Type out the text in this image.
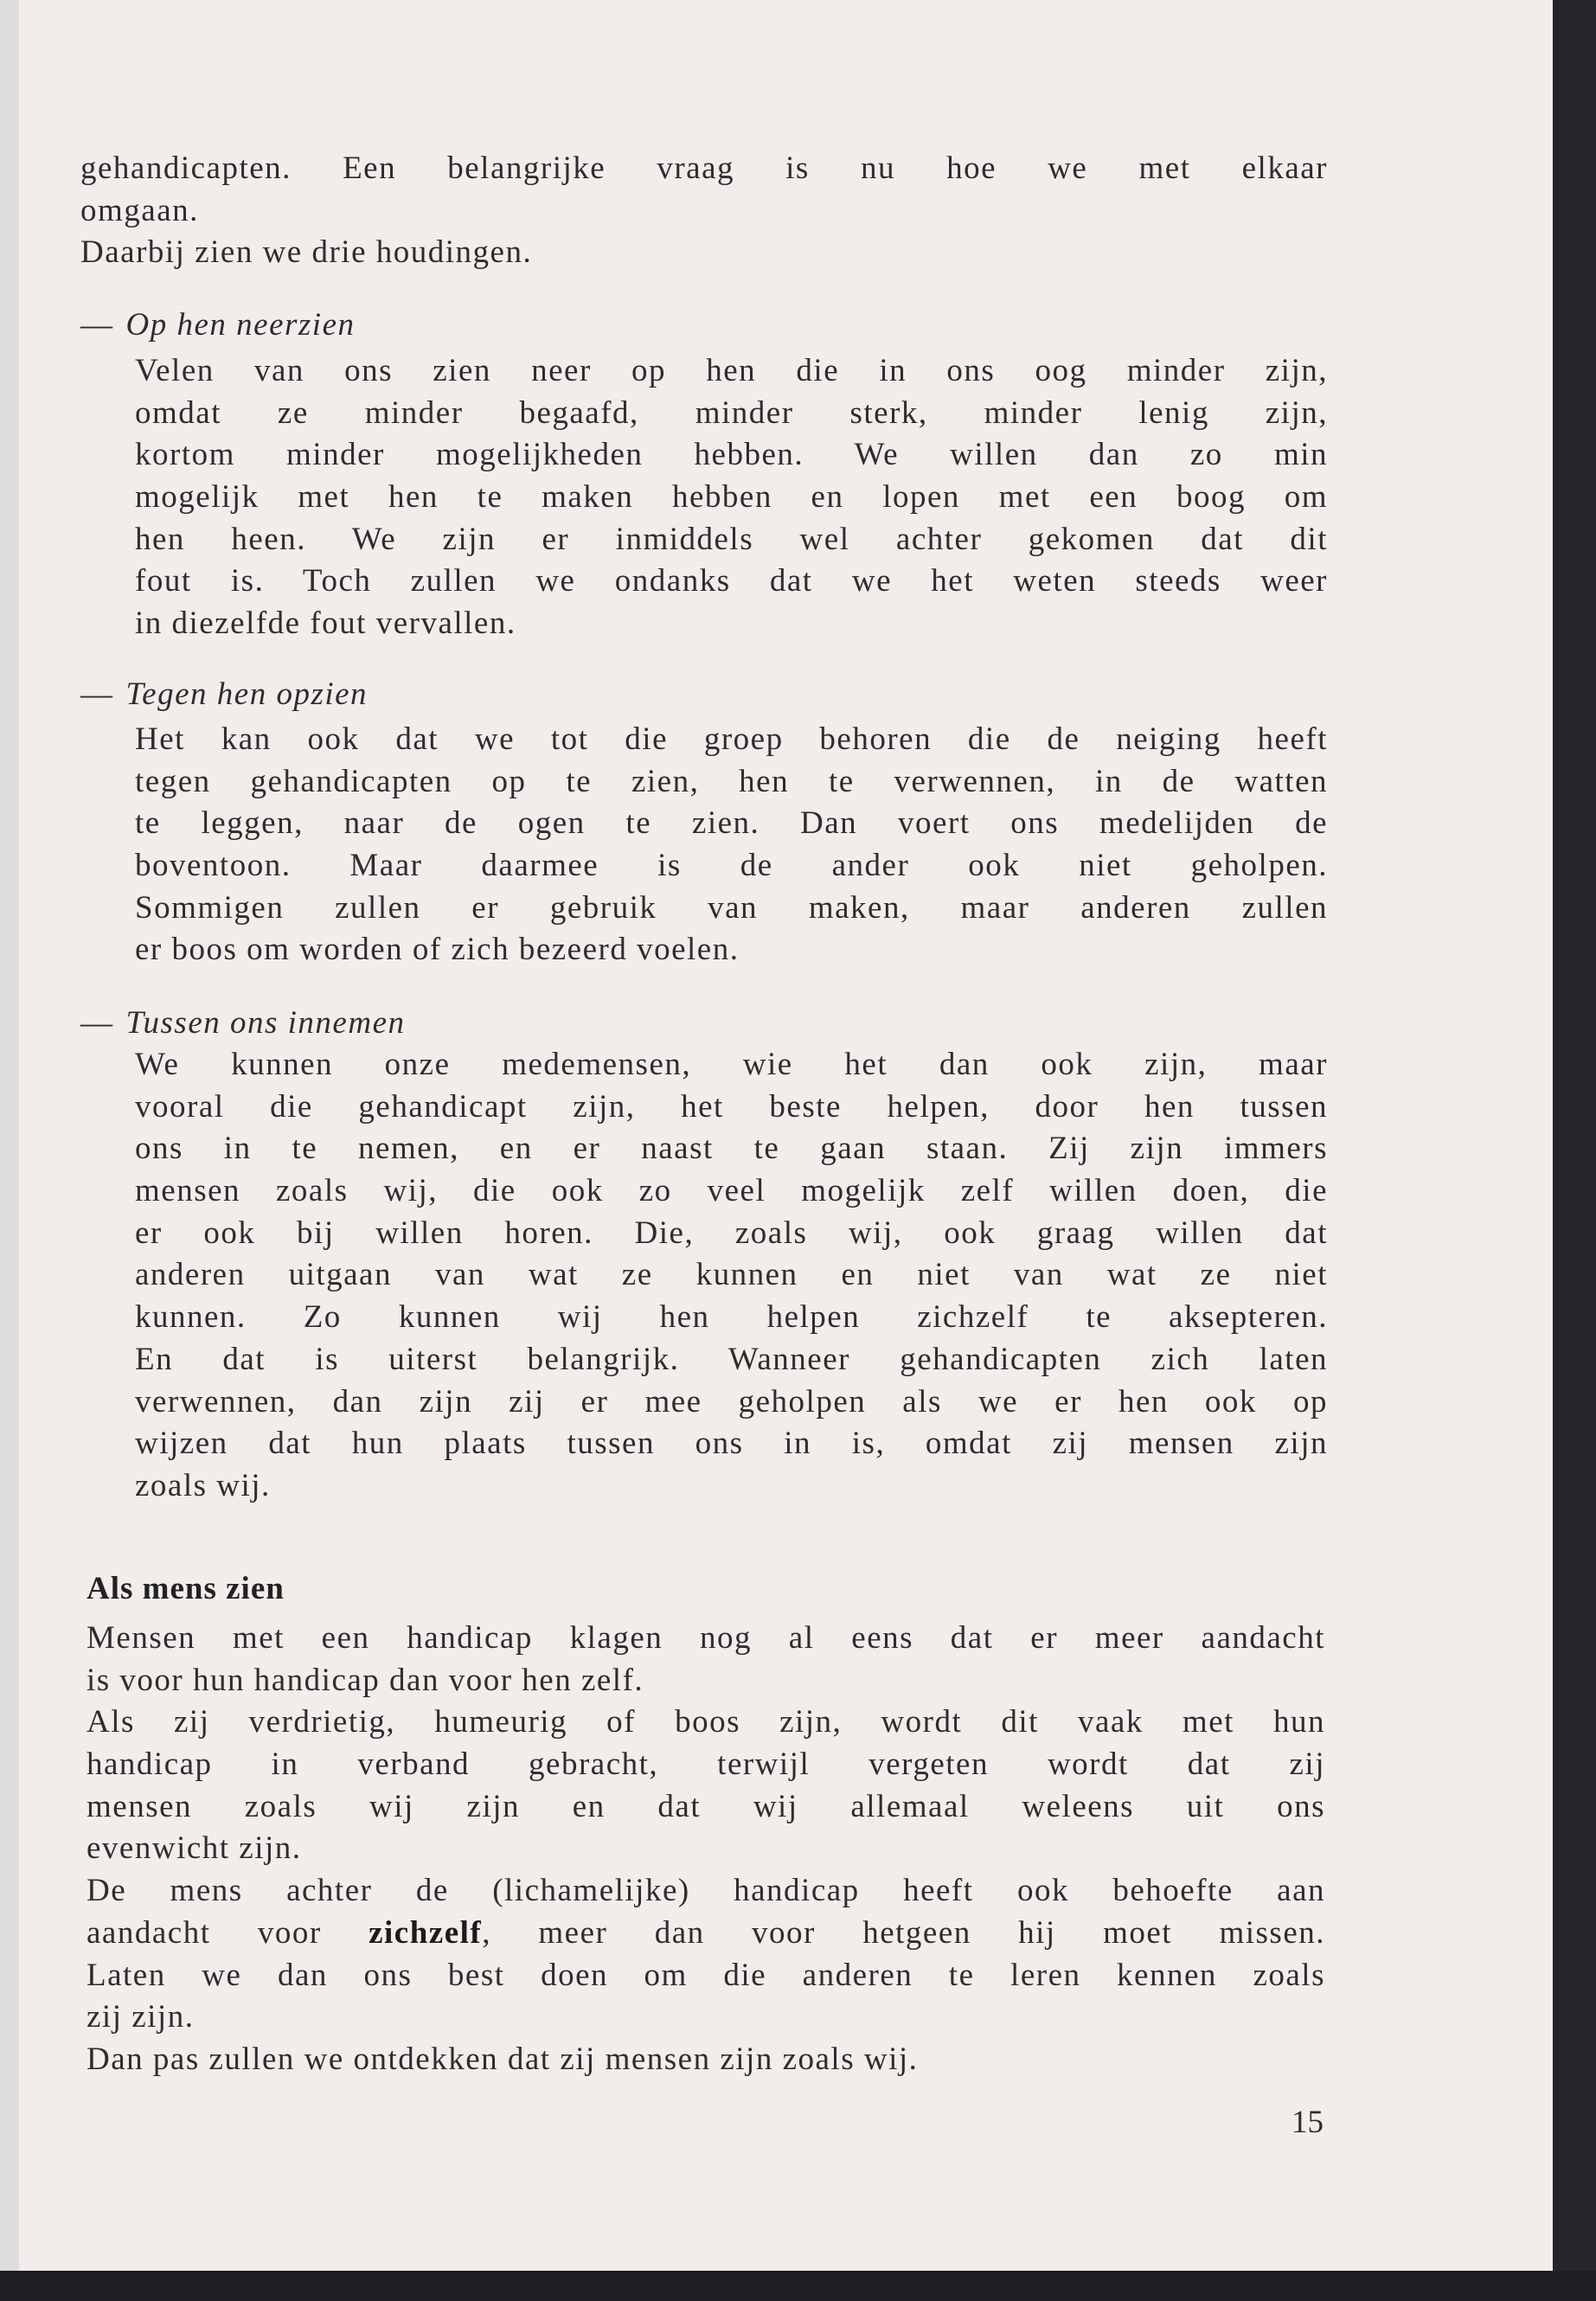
gehandicapten. Een belangrijke vraag is nu hoe we met elkaar
omgaan.
Daarbij zien we drie houdingen.
— Op hen neerzien
Velen van ons zien neer op hen die in ons oog minder zijn,
omdat ze minder begaafd, minder sterk, minder lenig zijn,
kortom minder mogelijkheden hebben. We willen dan zo min
mogelijk met hen te maken hebben en lopen met een boog om
hen heen. We zijn er inmiddels wel achter gekomen dat dit
fout is. Toch zullen we ondanks dat we het weten steeds weer
in diezelfde fout vervallen.
— Tegen hen opzien
Het kan ook dat we tot die groep behoren die de neiging heeft
tegen gehandicapten op te zien, hen te verwennen, in de watten
te leggen, naar de ogen te zien. Dan voert ons medelijden de
boventoon. Maar daarmee is de ander ook niet geholpen.
Sommigen zullen er gebruik van maken, maar anderen zullen
er boos om worden of zich bezeerd voelen.
— Tussen ons innemen
We kunnen onze medemensen, wie het dan ook zijn, maar
vooral die gehandicapt zijn, het beste helpen, door hen tussen
ons in te nemen, en er naast te gaan staan. Zij zijn immers
mensen zoals wij, die ook zo veel mogelijk zelf willen doen, die
er ook bij willen horen. Die, zoals wij, ook graag willen dat
anderen uitgaan van wat ze kunnen en niet van wat ze niet
kunnen. Zo kunnen wij hen helpen zichzelf te aksepteren.
En dat is uiterst belangrijk. Wanneer gehandicapten zich laten
verwennen, dan zijn zij er mee geholpen als we er hen ook op
wijzen dat hun plaats tussen ons in is, omdat zij mensen zijn
zoals wij.
Als mens zien
Mensen met een handicap klagen nog al eens dat er meer aandacht
is voor hun handicap dan voor hen zelf.
Als zij verdrietig, humeurig of boos zijn, wordt dit vaak met hun
handicap in verband gebracht, terwijl vergeten wordt dat zij
mensen zoals wij zijn en dat wij allemaal weleens uit ons
evenwicht zijn.
De mens achter de (lichamelijke) handicap heeft ook behoefte aan
aandacht voor zichzelf, meer dan voor hetgeen hij moet missen.
Laten we dan ons best doen om die anderen te leren kennen zoals
zij zijn.
Dan pas zullen we ontdekken dat zij mensen zijn zoals wij.
15
